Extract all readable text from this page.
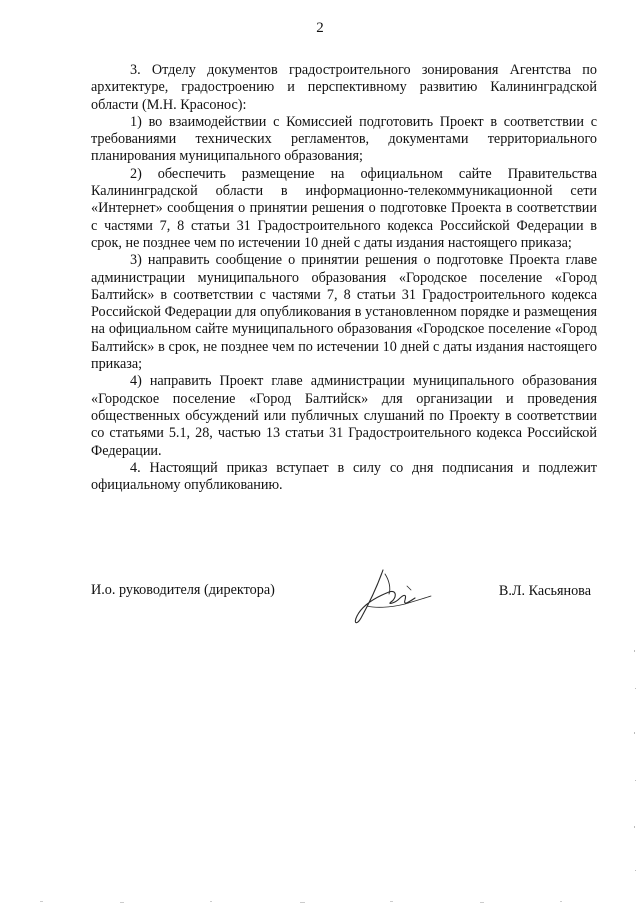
2

3. Отделу документов градостроительного зонирования Агентства по архитектуре, градостроению и перспективному развитию Калининградской области (М.Н. Красонос):

1) во взаимодействии с Комиссией подготовить Проект в соответствии с требованиями технических регламентов, документами территориального планирования муниципального образования;

2) обеспечить размещение на официальном сайте Правительства Калининградской области в информационно-телекоммуникационной сети «Интернет» сообщения о принятии решения о подготовке Проекта в соответствии с частями 7, 8 статьи 31 Градостроительного кодекса Российской Федерации в срок, не позднее чем по истечении 10 дней с даты издания настоящего приказа;

3) направить сообщение о принятии решения о подготовке Проекта главе администрации муниципального образования «Городское поселение «Город Балтийск» в соответствии с частями 7, 8 статьи 31 Градостроительного кодекса Российской Федерации для опубликования в установленном порядке и размещения на официальном сайте муниципального образования «Городское поселение «Город Балтийск» в срок, не позднее чем по истечении 10 дней с даты издания настоящего приказа;

4) направить Проект главе администрации муниципального образования «Городское поселение «Город Балтийск» для организации и проведения общественных обсуждений или публичных слушаний по Проекту в соответствии со статьями 5.1, 28, частью 13 статьи 31 Градостроительного кодекса Российской Федерации.

4. Настоящий приказ вступает в силу со дня подписания и подлежит официальному опубликованию.

И.о. руководителя (директора)	В.Л. Касьянова
